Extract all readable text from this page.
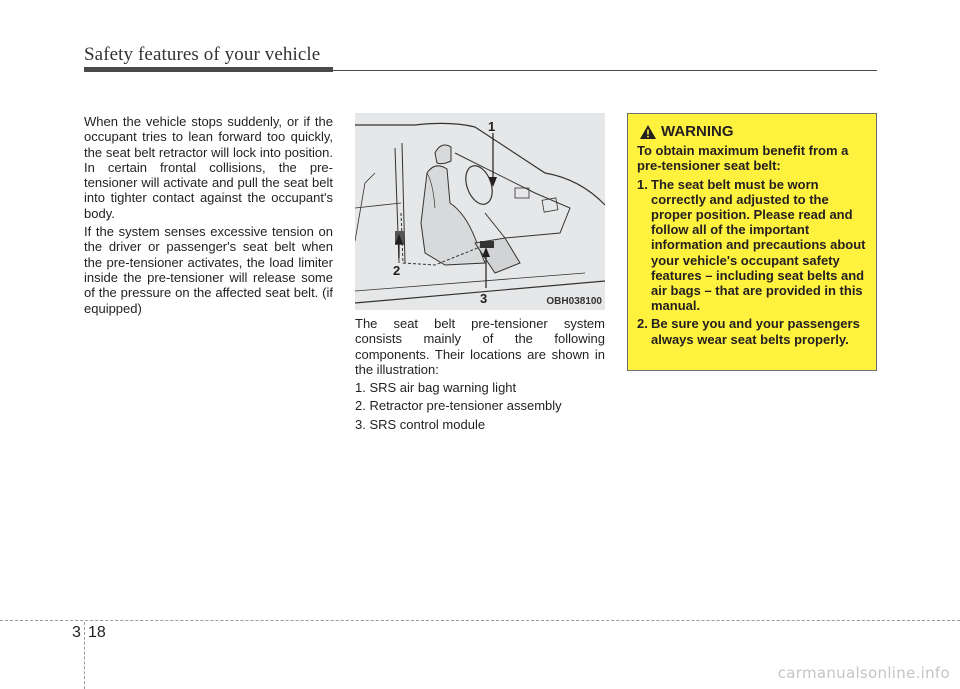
Safety features of your vehicle

When the vehicle stops suddenly, or if the occupant tries to lean forward too quickly, the seat belt retractor will lock into position. In certain frontal collisions, the pre-tensioner will activate and pull the seat belt into tighter contact against the occupant's body.

If the system senses excessive tension on the driver or passenger's seat belt when the pre-tensioner activates, the load limiter inside the pre-tensioner will release some of the pressure on the affected seat belt. (if equipped)

1
2
3	OBH038100

The seat belt pre-tensioner system consists mainly of the following components. Their locations are shown in the illustration:

1. SRS air bag warning light
2. Retractor pre-tensioner assembly
3. SRS control module
WARNING
To obtain maximum benefit from a pre-tensioner seat belt:
1. The seat belt must be worn correctly and adjusted to the proper position. Please read and follow all of the important information and precautions about your vehicle's occupant safety features – including seat belts and air bags – that are provided in this manual.
2. Be sure you and your passengers always wear seat belts properly.
3 18
carmanualsonline.info
